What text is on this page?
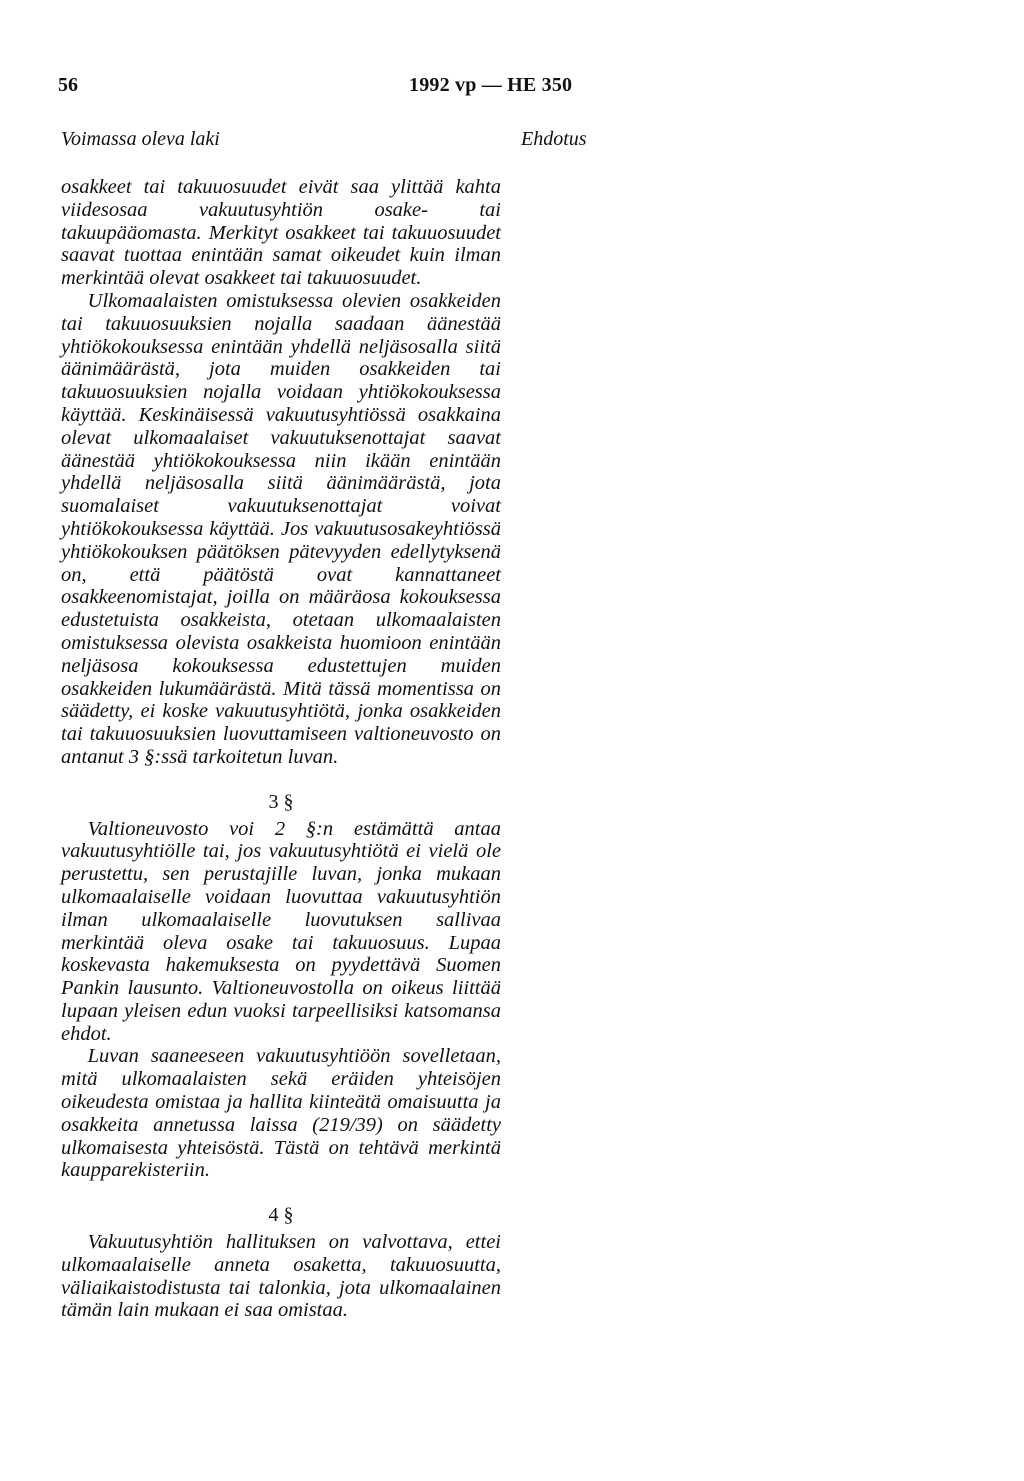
56	1992 vp — HE 350
Voimassa oleva laki	Ehdotus

osakkeet tai takuuosuudet eivät saa ylittää kahta viidesosaa vakuutusyhtiön osake- tai takuupääomasta. Merkityt osakkeet tai takuuosuudet saavat tuottaa enintään samat oikeudet kuin ilman merkintää olevat osakkeet tai takuuosuudet.

Ulkomaalaisten omistuksessa olevien osakkeiden tai takuuosuuksien nojalla saadaan äänestää yhtiökokouksessa enintään yhdellä neljäsosalla siitä äänimäärästä, jota muiden osakkeiden tai takuuosuuksien nojalla voidaan yhtiökokouksessa käyttää. Keskinäisessä vakuutusyhtiössä osakkaina olevat ulkomaalaiset vakuutuksenottajat saavat äänestää yhtiökokouksessa niin ikään enintään yhdellä neljäsosalla siitä äänimäärästä, jota suomalaiset vakuutuksenottajat voivat yhtiökokouksessa käyttää. Jos vakuutusosakeyhtiössä yhtiökokouksen päätöksen pätevyyden edellytyksenä on, että päätöstä ovat kannattaneet osakkeenomistajat, joilla on määräosa kokouksessa edustetuista osakkeista, otetaan ulkomaalaisten omistuksessa olevista osakkeista huomioon enintään neljäsosa kokouksessa edustettujen muiden osakkeiden lukumäärästä. Mitä tässä momentissa on säädetty, ei koske vakuutusyhtiötä, jonka osakkeiden tai takuuosuuksien luovuttamiseen valtioneuvosto on antanut 3 §:ssä tarkoitetun luvan.

3 §

Valtioneuvosto voi 2 §:n estämättä antaa vakuutusyhtiölle tai, jos vakuutusyhtiötä ei vielä ole perustettu, sen perustajille luvan, jonka mukaan ulkomaalaiselle voidaan luovuttaa vakuutusyhtiön ilman ulkomaalaiselle luovutuksen sallivaa merkintää oleva osake tai takuuosuus. Lupaa koskevasta hakemuksesta on pyydettävä Suomen Pankin lausunto. Valtioneuvostolla on oikeus liittää lupaan yleisen edun vuoksi tarpeellisiksi katsomansa ehdot.

Luvan saaneeseen vakuutusyhtiöön sovelletaan, mitä ulkomaalaisten sekä eräiden yhteisöjen oikeudesta omistaa ja hallita kiinteätä omaisuutta ja osakkeita annetussa laissa (219/39) on säädetty ulkomaisesta yhteisöstä. Tästä on tehtävä merkintä kaupparekisteriin.

4 §

Vakuutusyhtiön hallituksen on valvottava, ettei ulkomaalaiselle anneta osaketta, takuuosuutta, väliaikaistodistusta tai talonkia, jota ulkomaalainen tämän lain mukaan ei saa omistaa.
